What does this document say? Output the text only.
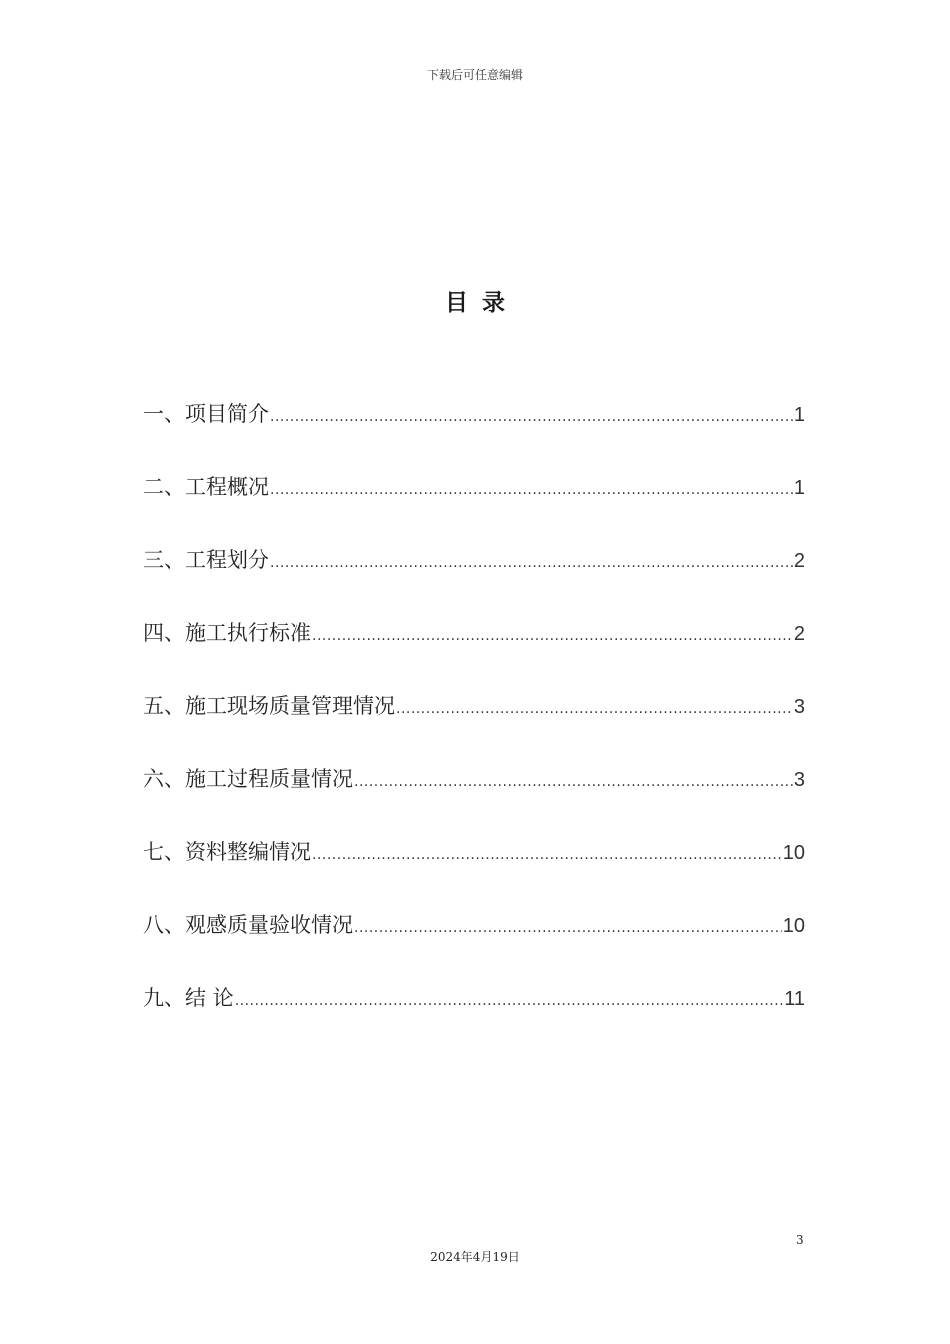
下载后可任意编辑
目录
一、项目简介 .....	1
二、工程概况 .....	1
三、工程划分 .....	2
四、施工执行标准 .....	2
五、施工现场质量管理情况 .....	3
六、施工过程质量情况 .....	3
七、资料整编情况 .....	10
八、观感质量验收情况 .....	10
九、结 论 .....	11
3
2024年4月19日
